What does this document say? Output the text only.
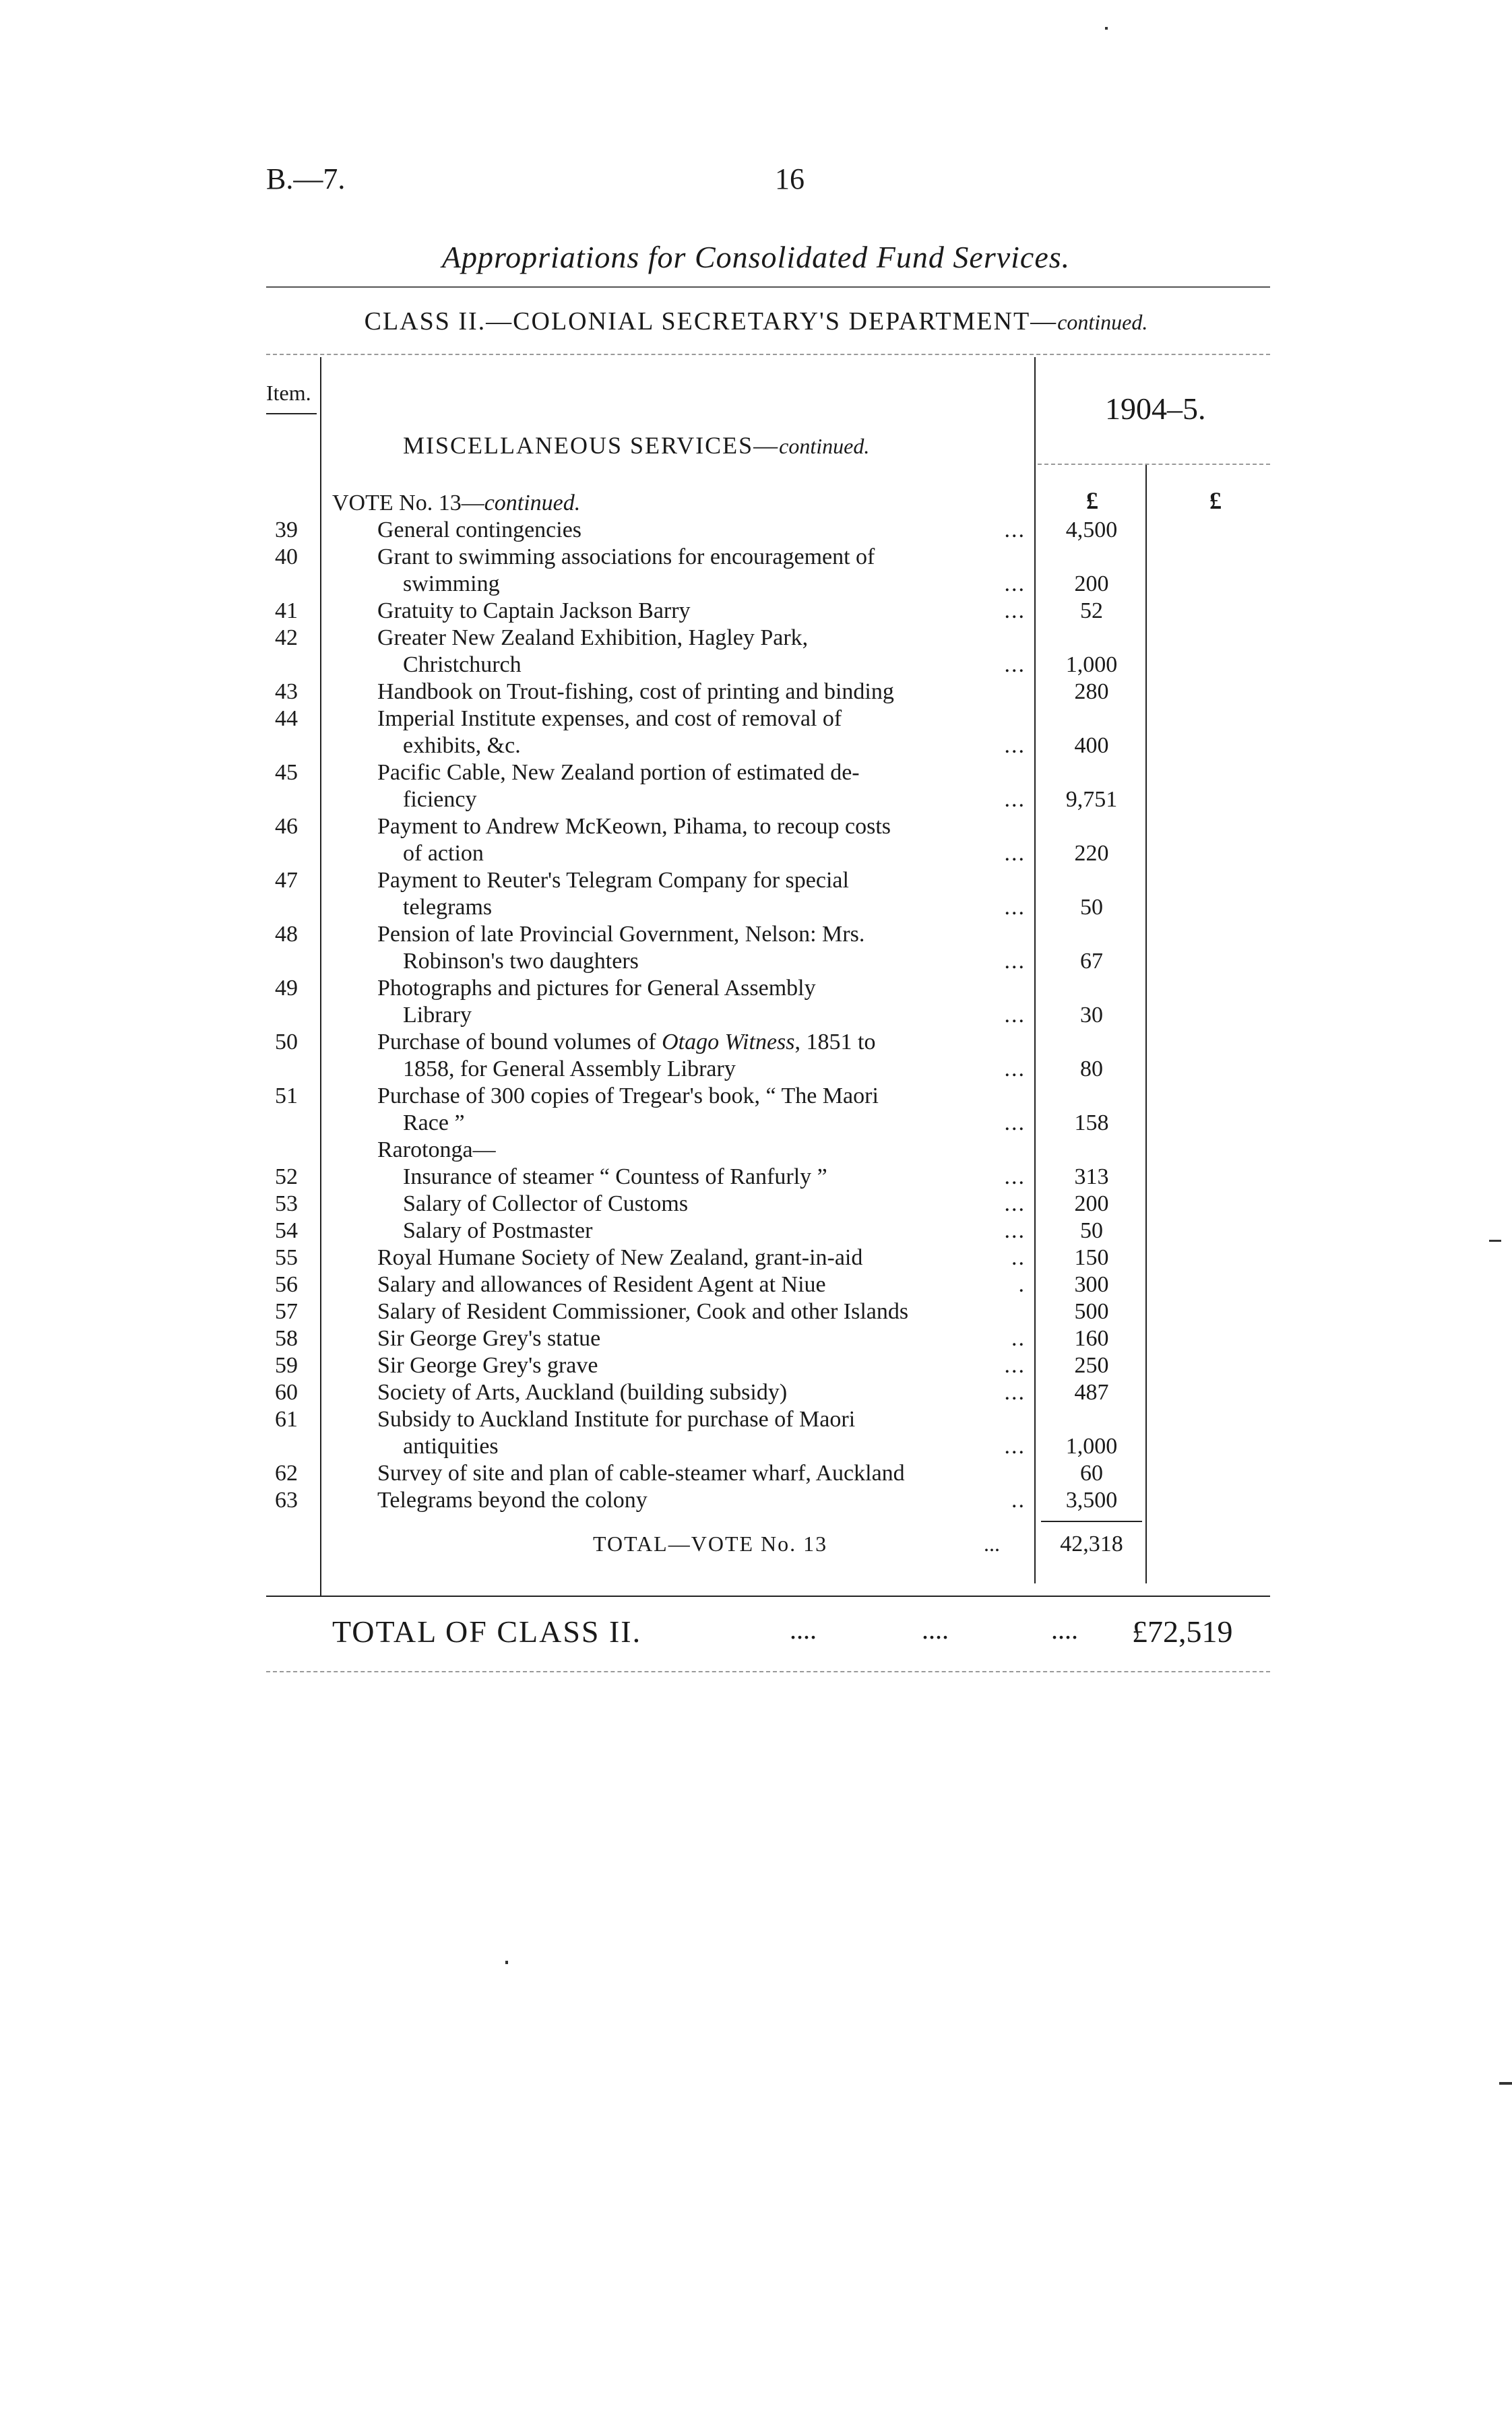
B.—7.	16
Appropriations for Consolidated Fund Services.
CLASS II.—COLONIAL SECRETARY'S DEPARTMENT—continued.
Item.
MISCELLANEOUS SERVICES—continued.
1904–5.
£	£
VOTE No. 13—continued.
39	General contingencies	...	4,500
40	Grant to swimming associations for encouragement of
swimming	...	200
41	Gratuity to Captain Jackson Barry	...	52
42	Greater New Zealand Exhibition, Hagley Park,
Christchurch	...	1,000
43	Handbook on Trout-fishing, cost of printing and binding	280
44	Imperial Institute expenses, and cost of removal of
exhibits, &c.	...	400
45	Pacific Cable, New Zealand portion of estimated de-
ficiency	...	9,751
46	Payment to Andrew McKeown, Pihama, to recoup costs
of action	...	220
47	Payment to Reuter's Telegram Company for special
telegrams	...	50
48	Pension of late Provincial Government, Nelson: Mrs.
Robinson's two daughters	...	67
49	Photographs and pictures for General Assembly
Library	...	30
50	Purchase of bound volumes of Otago Witness, 1851 to
1858, for General Assembly Library	...	80
51	Purchase of 300 copies of Tregear's book, “ The Maori
Race ”	...	158
Rarotonga—
52	Insurance of steamer “ Countess of Ranfurly ”	...	313
53	Salary of Collector of Customs	...	200
54	Salary of Postmaster	...	50
55	Royal Humane Society of New Zealand, grant-in-aid	..	150
56	Salary and allowances of Resident Agent at Niue	.	300
57	Salary of Resident Commissioner, Cook and other Islands	500
58	Sir George Grey's statue	..	160
59	Sir George Grey's grave	...	250
60	Society of Arts, Auckland (building subsidy)	...	487
61	Subsidy to Auckland Institute for purchase of Maori
antiquities	...	1,000
62	Survey of site and plan of cable-steamer wharf, Auckland	60
63	Telegrams beyond the colony	..	3,500
TOTAL—VOTE No. 13	...	42,318
TOTAL OF CLASS II.	....	....	.... £72,519
